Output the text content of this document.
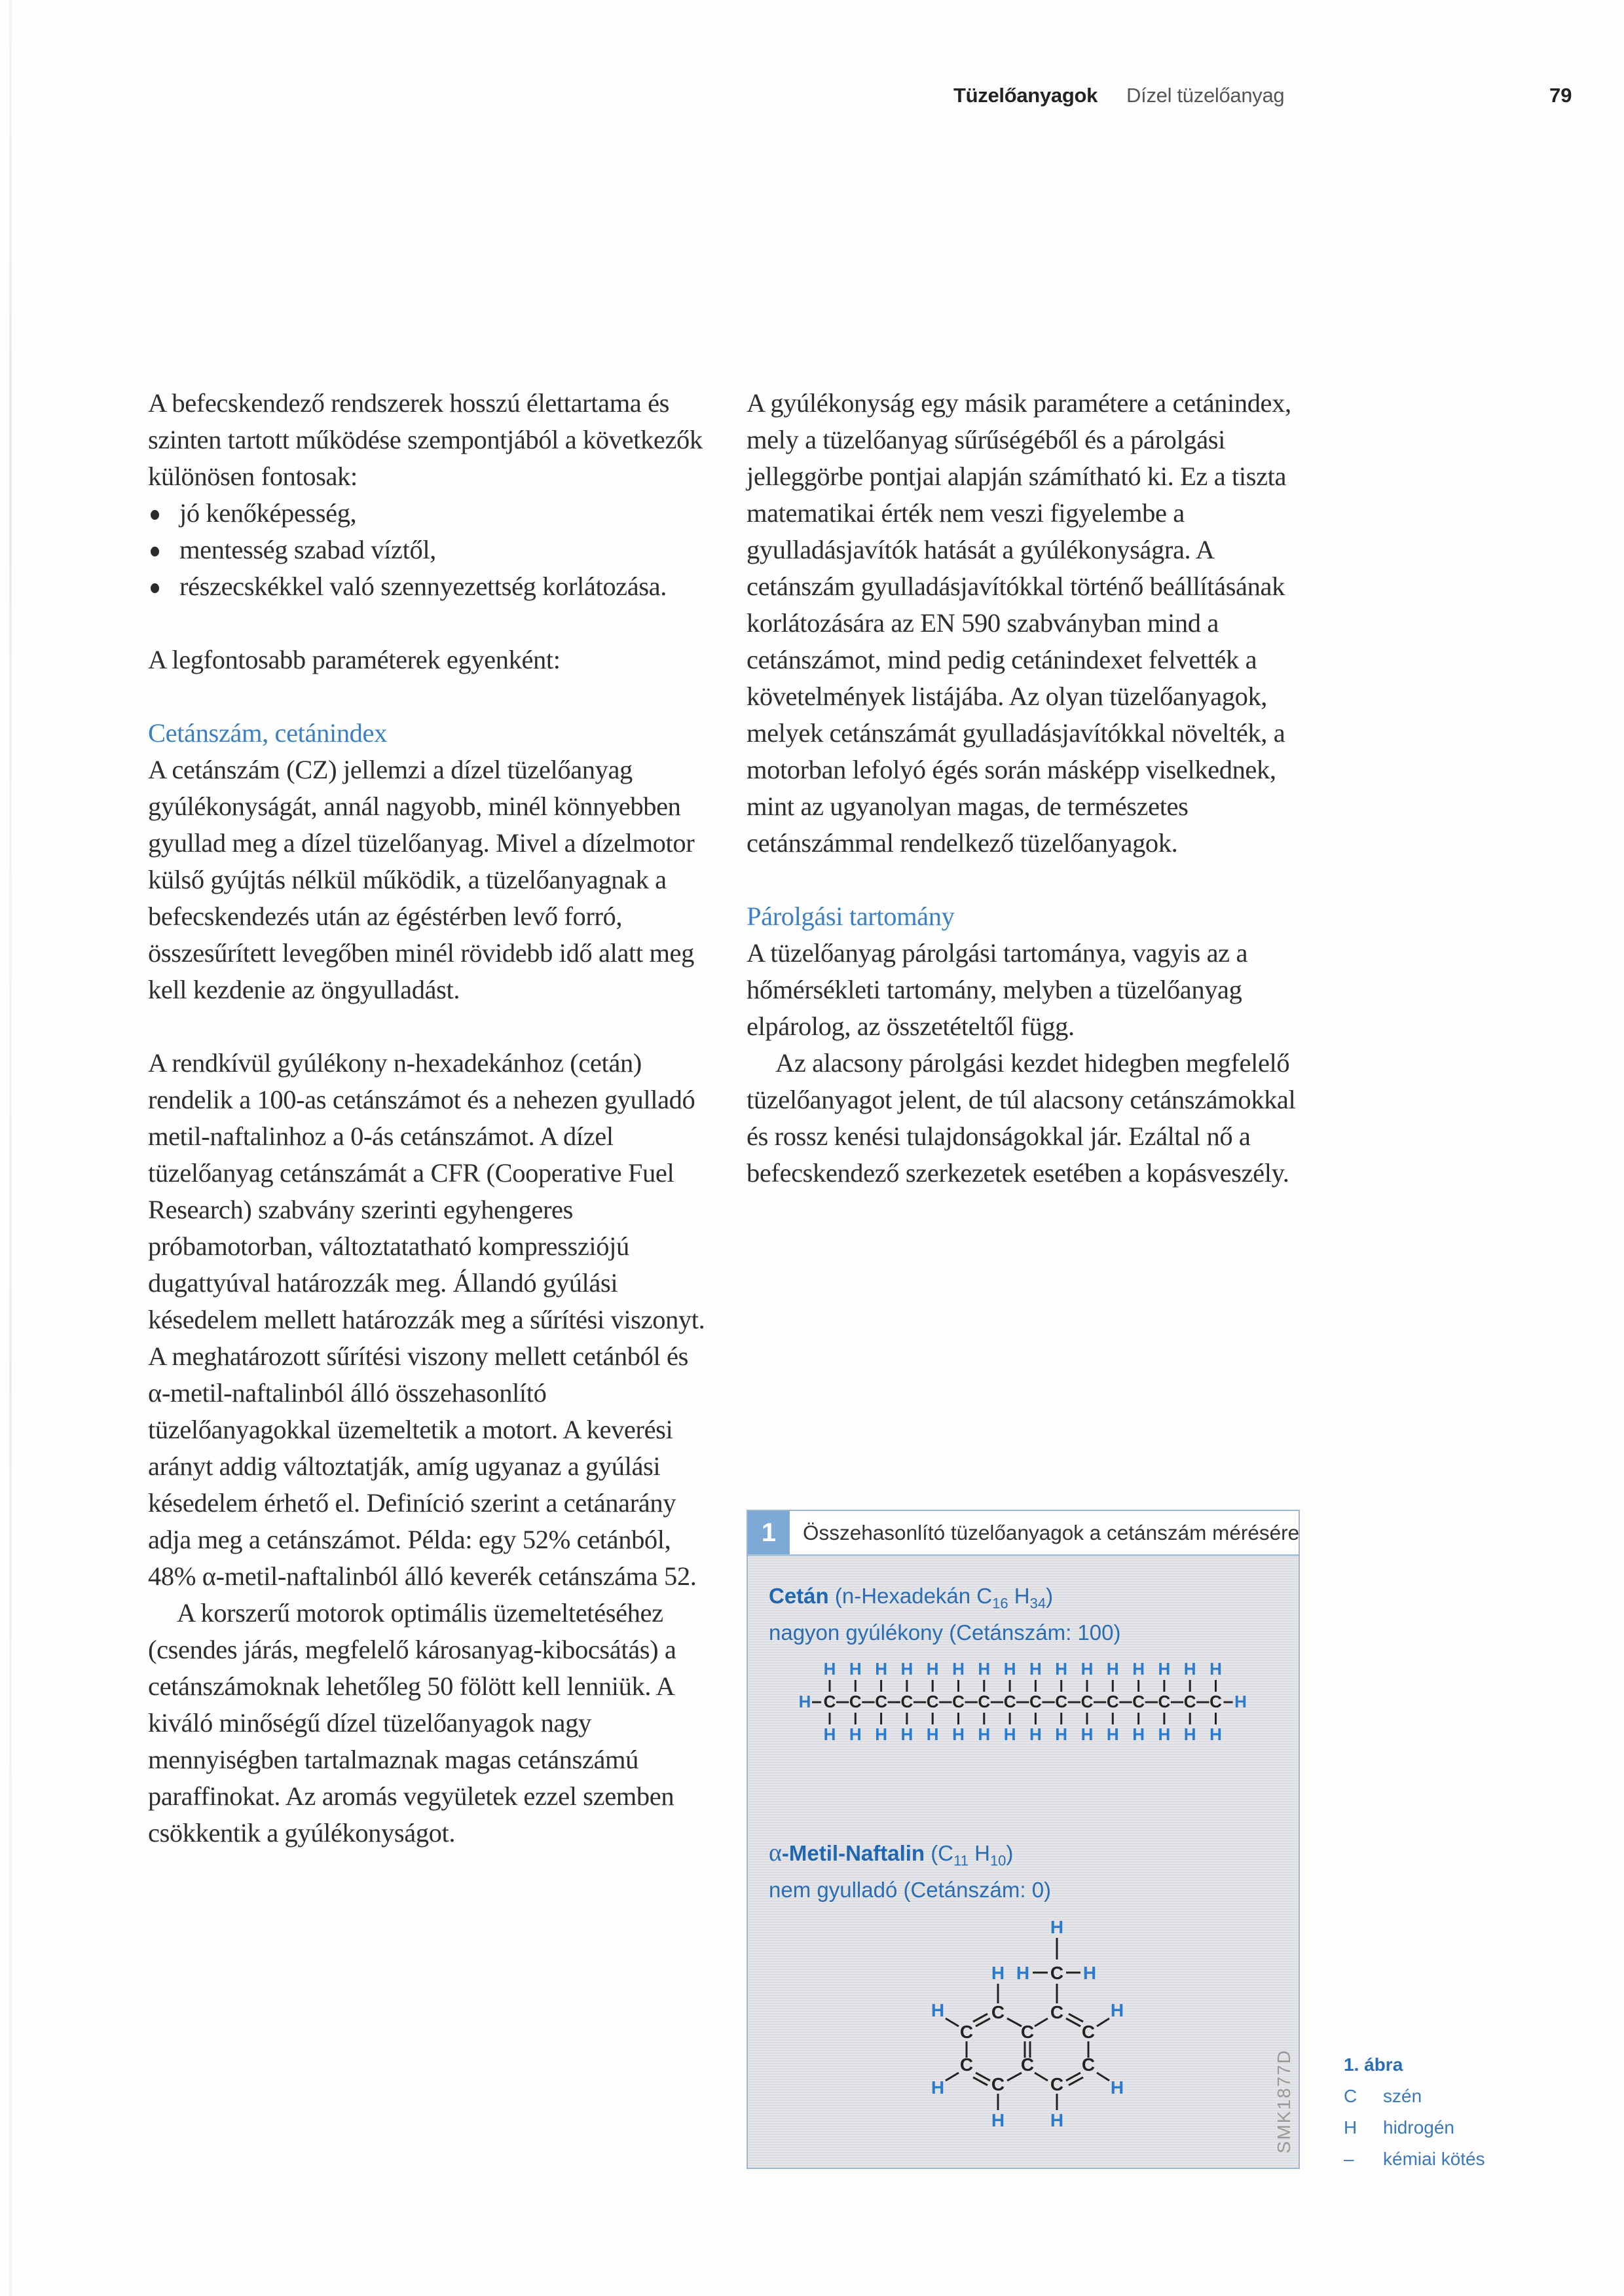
Tüzelőanyagok Dízel tüzelőanyag	79

A befecskendező rendszerek hosszú élettartama és szinten tartott működése szempontjából a következők különösen fontosak:

jó kenőképesség,
mentesség szabad víztől,
részecskékkel való szennyezettség korlátozása.

A legfontosabb paraméterek egyenként:

Cetánszám, cetánindex

A cetánszám (CZ) jellemzi a dízel tüzelőanyag gyúlékonyságát, annál nagyobb, minél könnyebben gyullad meg a dízel tüzelőanyag. Mivel a dízelmotor külső gyújtás nélkül működik, a tüzelőanyagnak a befecskendezés után az égéstérben levő forró, összesűrített levegőben minél rövidebb idő alatt meg kell kezdenie az öngyulladást.

A rendkívül gyúlékony n-hexadekánhoz (cetán) rendelik a 100-as cetánszámot és a nehezen gyulladó metil-naftalinhoz a 0-ás cetánszámot. A dízel tüzelőanyag cetánszámát a CFR (Cooperative Fuel Research) szabvány szerinti egyhengeres próbamotorban, változtatatható kompressziójú dugattyúval határozzák meg. Állandó gyúlási késedelem mellett határozzák meg a sűrítési viszonyt. A meghatározott sűrítési viszony mellett cetánból és α-metil-naftalinból álló összehasonlító tüzelőanyagokkal üzemeltetik a motort. A keverési arányt addig változtatják, amíg ugyanaz a gyúlási késedelem érhető el. Definíció szerint a cetánarány adja meg a cetánszámot. Példa: egy 52% cetánból, 48% α-metil-naftalinból álló keverék cetánszáma 52.

A korszerű motorok optimális üzemeltetéséhez (csendes járás, megfelelő károsanyag-kibocsátás) a cetánszámoknak lehetőleg 50 fölött kell lenniük. A kiváló minőségű dízel tüzelőanyagok nagy mennyiségben tartalmaznak magas cetánszámú paraffinokat. Az aromás vegyületek ezzel szemben csökkentik a gyúlékonyságot.

A gyúlékonyság egy másik paramétere a cetánindex, mely a tüzelőanyag sűrűségéből és a párolgási jelleggörbe pontjai alapján számítható ki. Ez a tiszta matematikai érték nem veszi figyelembe a gyulladásjavítók hatását a gyúlékonyságra. A cetánszám gyulladásjavítókkal történő beállításának korlátozására az EN 590 szabványban mind a cetánszámot, mind pedig cetánindexet felvették a követelmények listájába. Az olyan tüzelőanyagok, melyek cetánszámát gyulladásjavítókkal növelték, a motorban lefolyó égés során másképp viselkednek, mint az ugyanolyan magas, de természetes cetánszámmal rendelkező tüzelőanyagok.

Párolgási tartomány

A tüzelőanyag párolgási tartománya, vagyis az a hőmérsékleti tartomány, melyben a tüzelőanyag elpárolog, az összetételtől függ.

Az alacsony párolgási kezdet hidegben megfelelő tüzelőanyagot jelent, de túl alacsony cetánszámokkal és rossz kenési tulajdonságokkal jár. Ezáltal nő a befecskendező szerkezetek esetében a kopásveszély.

1	Összehasonlító tüzelőanyagok a cetánszám mérésére
Cetán (n-Hexadekán $C_{16}$ $H_{34}$)
nagyon gyúlékony (Cetánszám: 100)
H
H
C
H
H
C
H
H
C
H
H
C
H
H
C
H
H
C
H
H
C
H
H
C
H
H
C
H
H
C
H
H
C
H
H
C
H
H
C
H
H
C
H
H
C
H
H
C
H
H
α-Metil-Naftalin ($C_{11}$ $H_{10}$)
nem gyulladó (Cetánszám: 0)
H
H C H
H
C C
C	C	C
C	C	C
C C
H
H
H
H
H H	SMK1877D	1. ábra
C szén
H hidrogén
– kémiai kötés
